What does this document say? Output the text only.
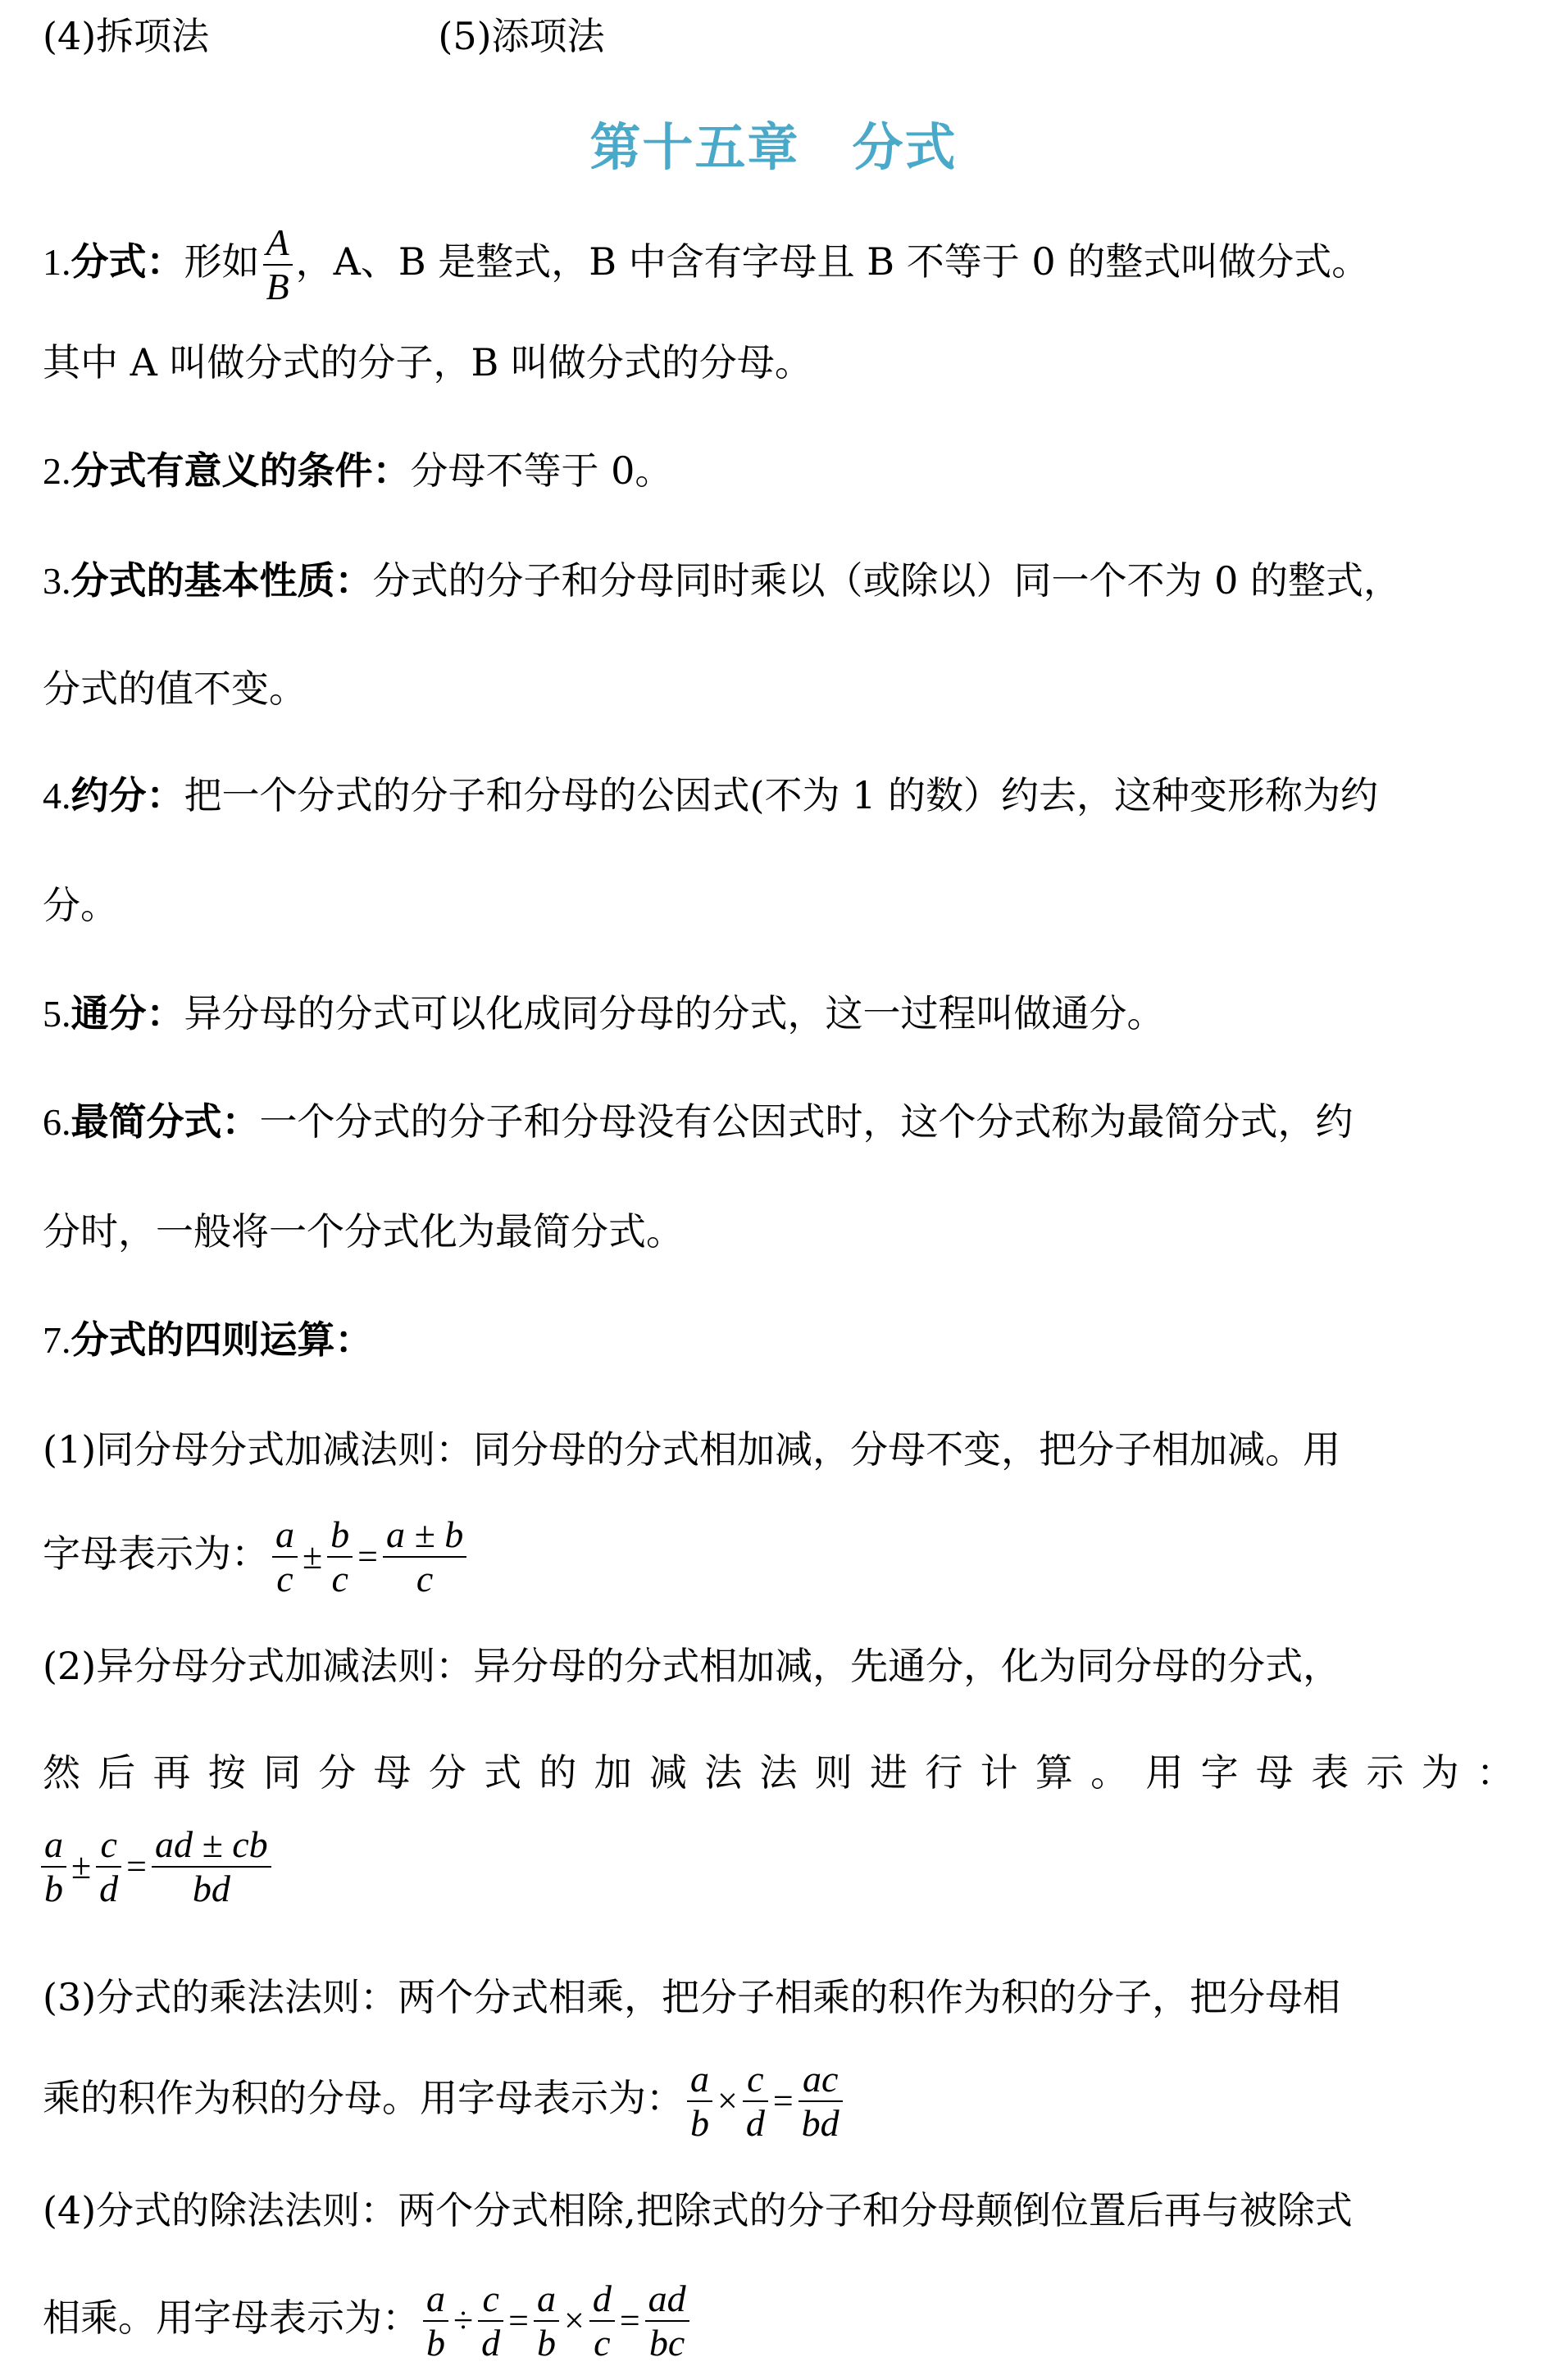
(4)拆项法	(5)添项法
第十五章　分式
1.分式：形如 $\frac{A}{B}$ ，A、B 是整式，B 中含有字母且 B 不等于 0 的整式叫做分式。
其中 A 叫做分式的分子，B 叫做分式的分母。
2.分式有意义的条件：分母不等于 0。
3.分式的基本性质：分式的分子和分母同时乘以（或除以）同一个不为 0 的整式，
分式的值不变。
4.约分：把一个分式的分子和分母的公因式(不为 1 的数）约去，这种变形称为约
分。
5.通分：异分母的分式可以化成同分母的分式，这一过程叫做通分。
6.最简分式：一个分式的分子和分母没有公因式时，这个分式称为最简分式，约
分时，一般将一个分式化为最简分式。
7.分式的四则运算：
(1)同分母分式加减法则：同分母的分式相加减，分母不变，把分子相加减。用
字母表示为： $\frac{a}{c} \pm \frac{b}{c} = \frac{a \pm b}{c}$
(2)异分母分式加减法则：异分母的分式相加减，先通分，化为同分母的分式，
然后再按同分母分式的加减法法则进行计算。用字母表示为：
$\frac{a}{b} \pm \frac{c}{d} = \frac{ad \pm cb}{bd}$
(3)分式的乘法法则：两个分式相乘，把分子相乘的积作为积的分子，把分母相
乘的积作为积的分母。用字母表示为： $\frac{a}{b} \times \frac{c}{d} = \frac{ac}{bd}$
(4)分式的除法法则：两个分式相除,把除式的分子和分母颠倒位置后再与被除式
相乘。用字母表示为： $\frac{a}{b} \div \frac{c}{d} = \frac{a}{b} \times \frac{d}{c} = \frac{ad}{bc}$
